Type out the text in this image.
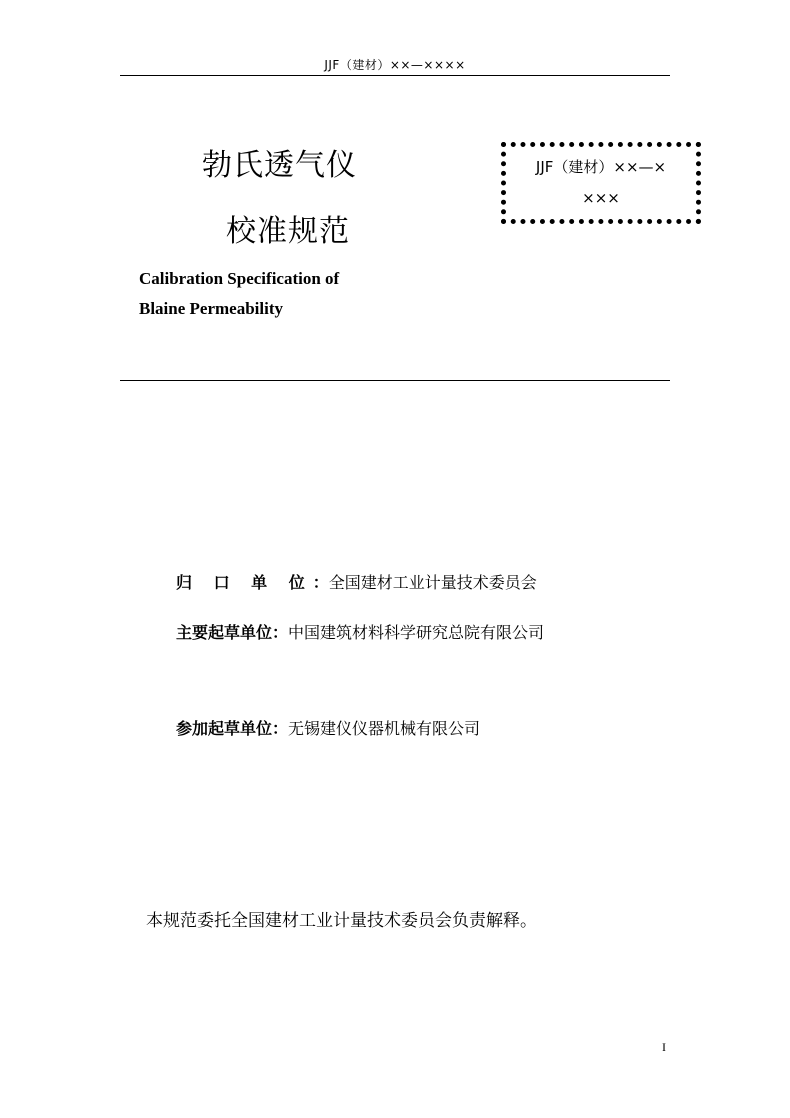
JJF（建材）××—××××
勃氏透气仪
校准规范
JJF（建材）××—×
×××
Calibration Specification of
Blaine Permeability
归 口 单 位：全国建材工业计量技术委员会
主要起草单位：中国建筑材料科学研究总院有限公司
参加起草单位：无锡建仪仪器机械有限公司
本规范委托全国建材工业计量技术委员会负责解释。
I
